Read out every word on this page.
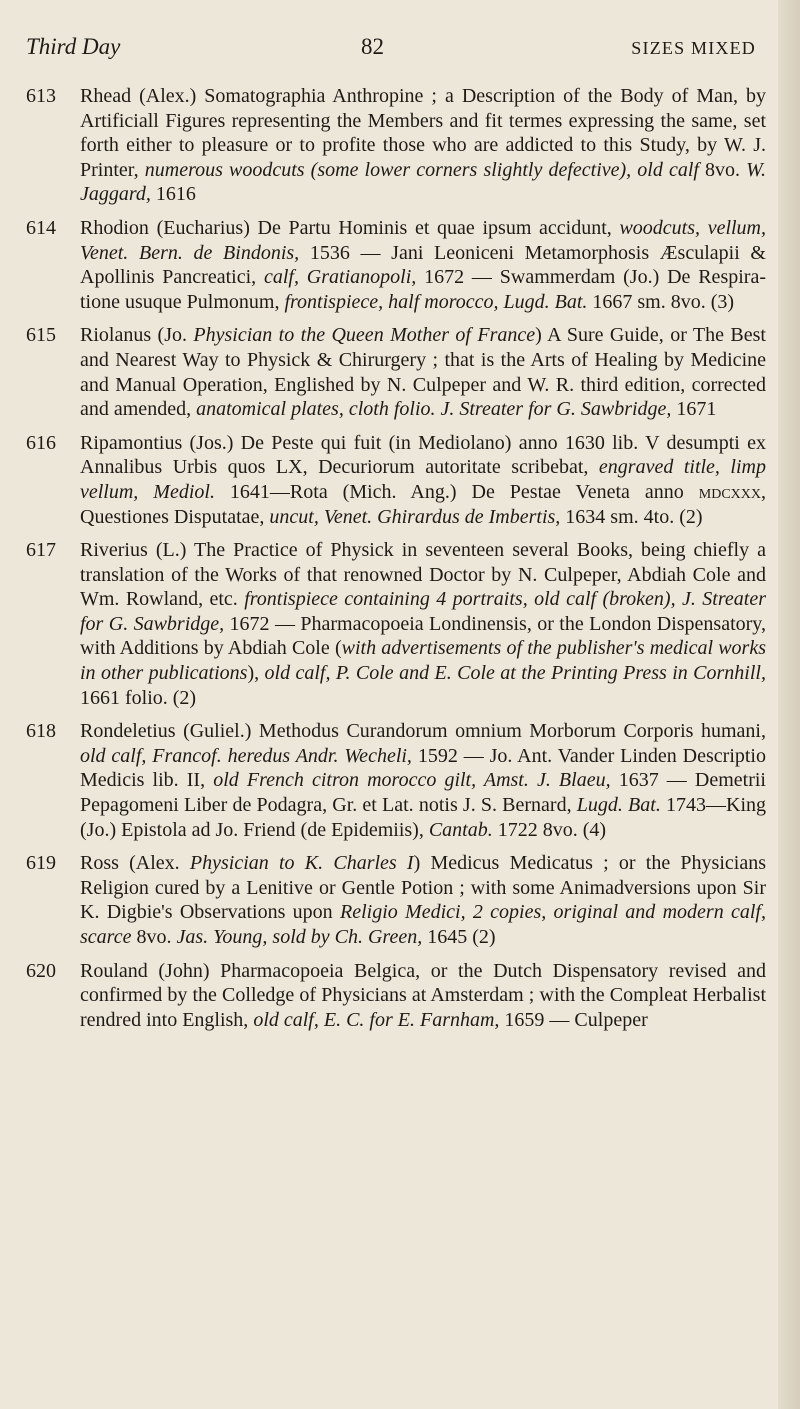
Third Day	82	SIZES MIXED
613 Rhead (Alex.) Somatographia Anthropine ; a Description of the Body of Man, by Artificiall Figures representing the Members and fit termes expressing the same, set forth either to pleasure or to profite those who are addicted to this Study, by W. J. Printer, numerous woodcuts (some lower corners slightly defective), old calf 8vo. W. Jaggard, 1616
614 Rhodion (Eucharius) De Partu Hominis et quae ipsum accidunt, woodcuts, vellum, Venet. Bern. de Bindonis, 1536 — Jani Leoniceni Metamorphosis Æsculapii & Apollinis Pancreatici, calf, Gratianopoli, 1672 — Swammerdam (Jo.) De Respiratione usuque Pulmonum, frontispiece, half morocco, Lugd. Bat. 1667 sm. 8vo. (3)
615 Riolanus (Jo. Physician to the Queen Mother of France) A Sure Guide, or The Best and Nearest Way to Physick & Chirurgery ; that is the Arts of Healing by Medicine and Manual Operation, Englished by N. Culpeper and W. R. third edition, corrected and amended, anatomical plates, cloth folio. J. Streater for G. Sawbridge, 1671
616 Ripamontius (Jos.) De Peste qui fuit (in Mediolano) anno 1630 lib. V desumpti ex Annalibus Urbis quos LX, Decuriorum autoritate scribebat, engraved title, limp vellum, Mediol. 1641—Rota (Mich. Ang.) De Pestae Veneta anno mdcxxx, Questiones Disputatae, uncut, Venet. Ghirardus de Imbertis, 1634 sm. 4to. (2)
617 Riverius (L.) The Practice of Physick in seventeen several Books, being chiefly a translation of the Works of that renowned Doctor by N. Culpeper, Abdiah Cole and Wm. Rowland, etc. frontispiece containing 4 portraits, old calf (broken), J. Streater for G. Sawbridge, 1672 — Pharmacopoeia Londinensis, or the London Dispensatory, with Additions by Abdiah Cole (with advertisements of the publisher's medical works in other publications), old calf, P. Cole and E. Cole at the Printing Press in Cornhill, 1661 folio. (2)
618 Rondeletius (Guliel.) Methodus Curandorum omnium Morborum Corporis humani, old calf, Francof. heredus Andr. Wecheli, 1592 — Jo. Ant. Vander Linden Descriptio Medicis lib. II, old French citron morocco gilt, Amst. J. Blaeu, 1637 — Demetrii Pepagomeni Liber de Podagra, Gr. et Lat. notis J. S. Bernard, Lugd. Bat. 1743—King (Jo.) Epistola ad Jo. Friend (de Epidemiis), Cantab. 1722 8vo. (4)
619 Ross (Alex. Physician to K. Charles I) Medicus Medicatus ; or the Physicians Religion cured by a Lenitive or Gentle Potion ; with some Animadversions upon Sir K. Digbie's Observations upon Religio Medici, 2 copies, original and modern calf, scarce 8vo. Jas. Young, sold by Ch. Green, 1645 (2)
620 Rouland (John) Pharmacopoeia Belgica, or the Dutch Dispensatory revised and confirmed by the Colledge of Physicians at Amsterdam ; with the Compleat Herbalist rendred into English, old calf, E. C. for E. Farnham, 1659 — Culpeper
